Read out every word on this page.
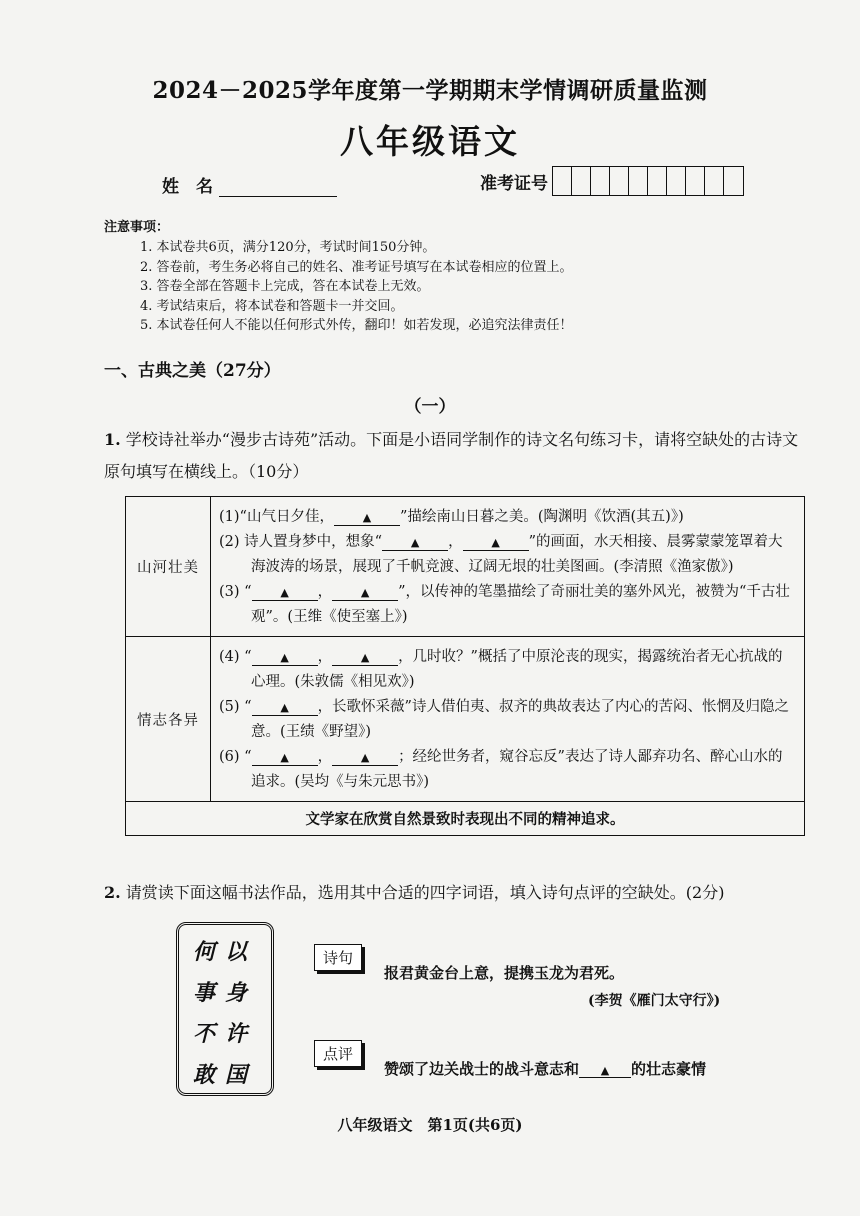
2024－2025学年度第一学期期末学情调研质量监测
八年级语文
姓　名	准考证号
注意事项：
1. 本试卷共6页，满分120分，考试时间150分钟。
2. 答卷前，考生务必将自己的姓名、准考证号填写在本试卷相应的位置上。
3. 答卷全部在答题卡上完成，答在本试卷上无效。
4. 考试结束后，将本试卷和答题卡一并交回。
5. 本试卷任何人不能以任何形式外传，翻印！如若发现，必追究法律责任！
一、古典之美（27分）
（一）
1. 学校诗社举办“漫步古诗苑”活动。下面是小语同学制作的诗文名句练习卡，请将空缺处的古诗文原句填写在横线上。（10分）
山河壮美	(1)“山气日夕佳， ▲ ”描绘南山日暮之美。(陶渊明《饮酒(其五)》)
(2) 诗人置身梦中，想象“ ▲ ， ▲ ”的画面，水天相接、晨雾蒙蒙笼罩着大海波涛的场景，展现了千帆竞渡、辽阔无垠的壮美图画。(李清照《渔家傲》)
(3) “ ▲ ， ▲ ”，以传神的笔墨描绘了奇丽壮美的塞外风光，被赞为“千古壮观”。(王维《使至塞上》)

情志各异	(4) “ ▲ ， ▲ ，几时收？”概括了中原沦丧的现实，揭露统治者无心抗战的心理。(朱敦儒《相见欢》)
(5) “ ▲ ，长歌怀采薇”诗人借伯夷、叔齐的典故表达了内心的苦闷、怅惘及归隐之意。(王绩《野望》)
(6) “ ▲ ， ▲ ；经纶世务者，窥谷忘反”表达了诗人鄙弃功名、醉心山水的追求。(吴均《与朱元思书》)

文学家在欣赏自然景致时表现出不同的精神追求。	
2. 请赏读下面这幅书法作品，选用其中合适的四字词语，填入诗句点评的空缺处。(2分)
以
身
许
国
何
事
不
敢
诗句
报君黄金台上意，提携玉龙为君死。
(李贺《雁门太守行》)
点评
赞颂了边关战士的战斗意志和 ▲ 的壮志豪情
八年级语文　第1页(共6页)
